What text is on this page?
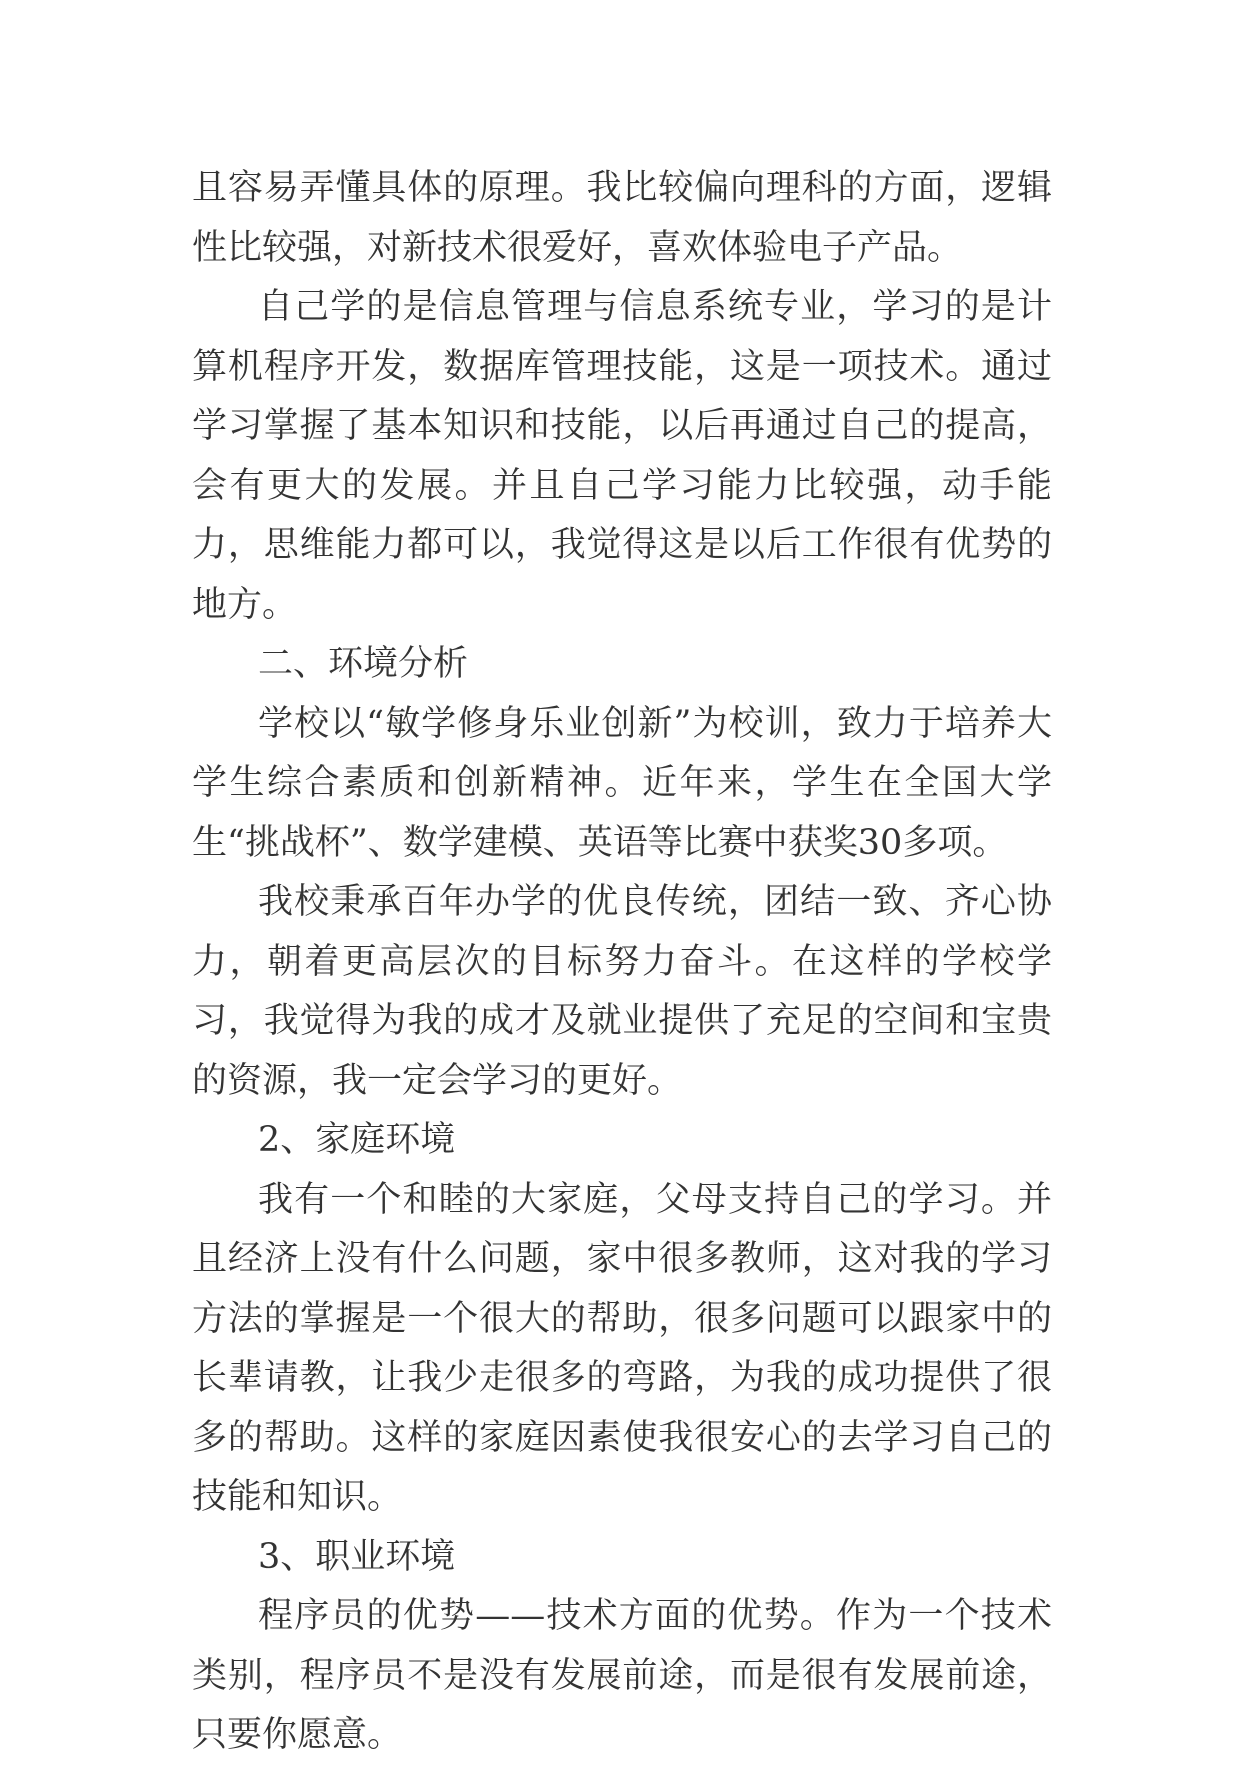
且容易弄懂具体的原理。我比较偏向理科的方面，逻辑性比较强，对新技术很爱好，喜欢体验电子产品。

自己学的是信息管理与信息系统专业，学习的是计算机程序开发，数据库管理技能，这是一项技术。通过学习掌握了基本知识和技能，以后再通过自己的提高，会有更大的发展。并且自己学习能力比较强，动手能力，思维能力都可以，我觉得这是以后工作很有优势的地方。

二、环境分析

学校以“敏学修身乐业创新”为校训，致力于培养大学生综合素质和创新精神。近年来，学生在全国大学生“挑战杯”、数学建模、英语等比赛中获奖30多项。

我校秉承百年办学的优良传统，团结一致、齐心协力，朝着更高层次的目标努力奋斗。在这样的学校学习，我觉得为我的成才及就业提供了充足的空间和宝贵的资源，我一定会学习的更好。

2、家庭环境

我有一个和睦的大家庭，父母支持自己的学习。并且经济上没有什么问题，家中很多教师，这对我的学习方法的掌握是一个很大的帮助，很多问题可以跟家中的长辈请教，让我少走很多的弯路，为我的成功提供了很多的帮助。这样的家庭因素使我很安心的去学习自己的技能和知识。

3、职业环境

程序员的优势——技术方面的优势。作为一个技术类别，程序员不是没有发展前途，而是很有发展前途，只要你愿意。
